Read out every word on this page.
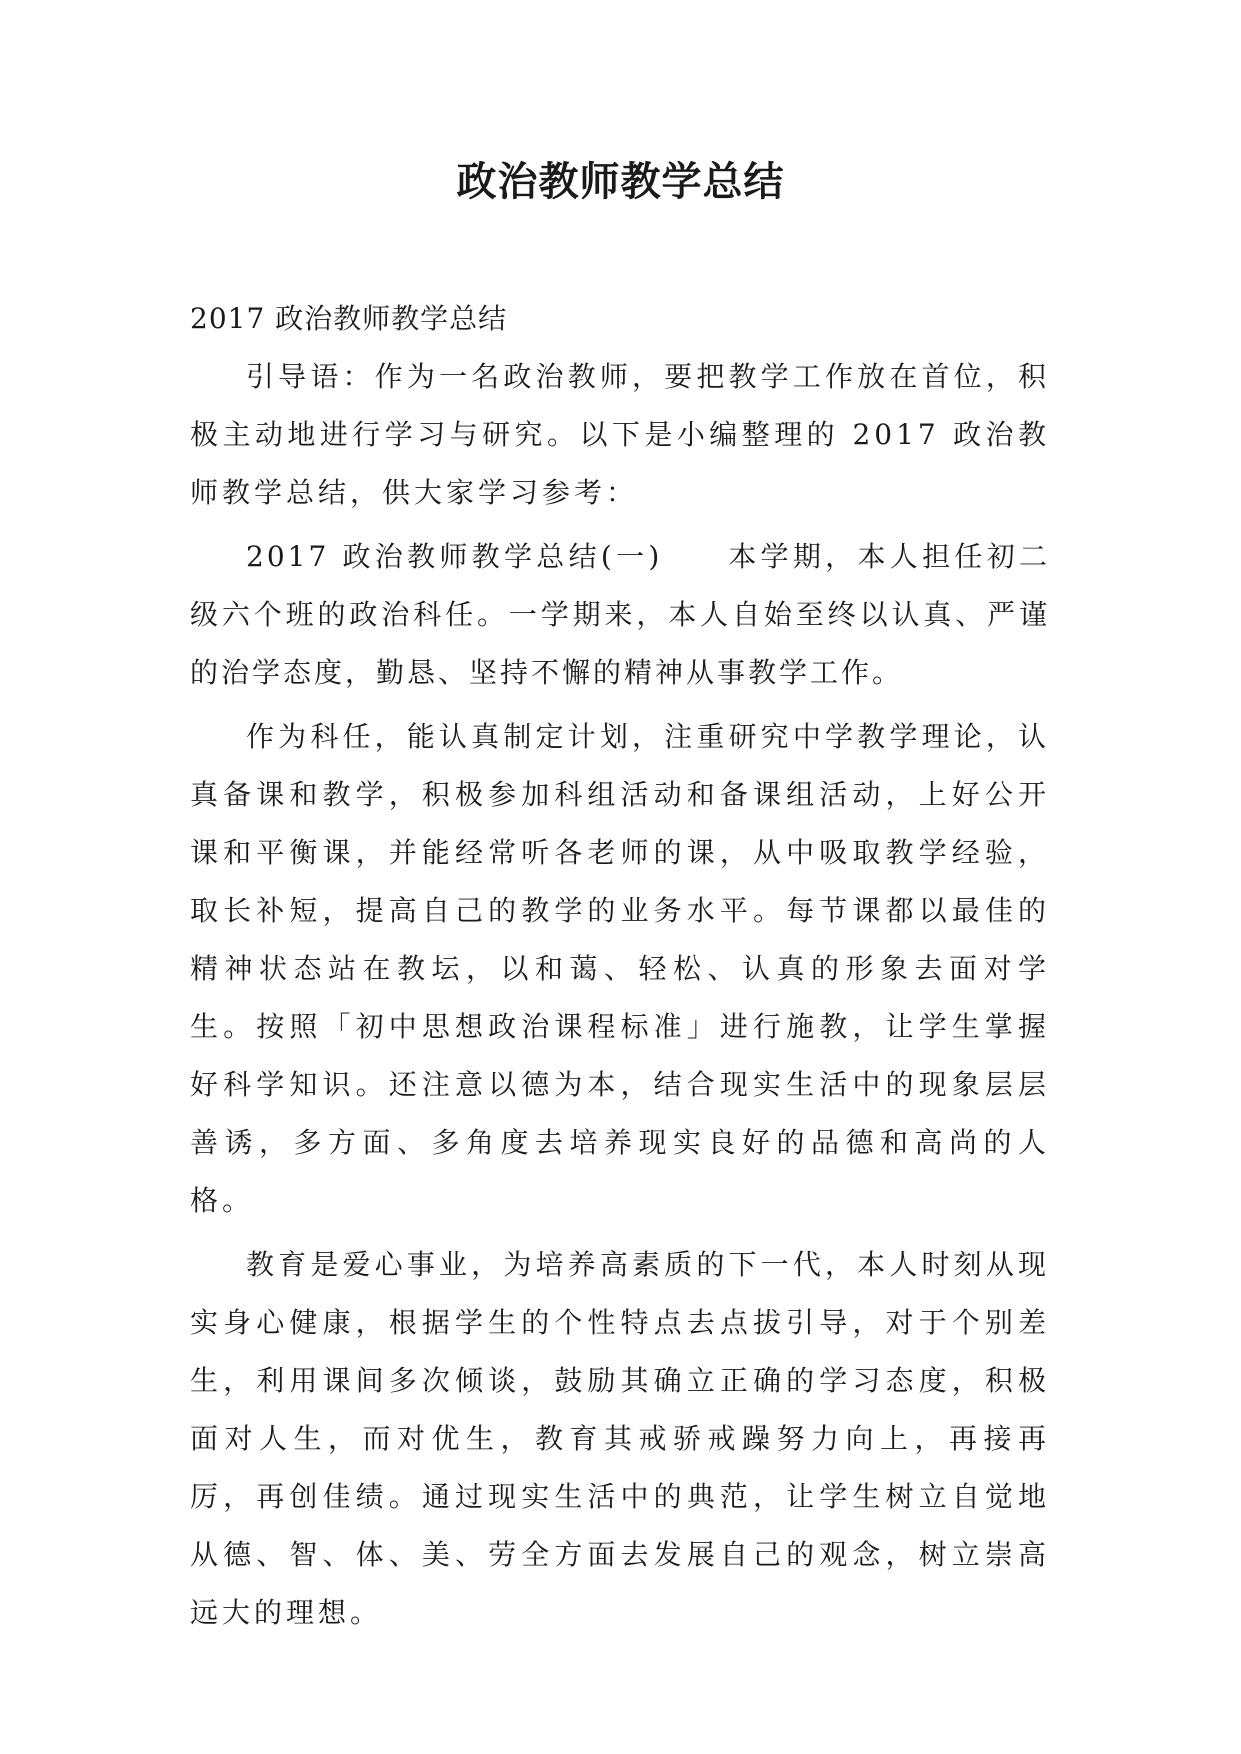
政治教师教学总结

2017 政治教师教学总结

引导语：作为一名政治教师，要把教学工作放在首位，积极主动地进行学习与研究。以下是小编整理的 2017 政治教师教学总结，供大家学习参考：

2017 政治教师教学总结(一)　　本学期，本人担任初二级六个班的政治科任。一学期来，本人自始至终以认真、严谨的治学态度，勤恳、坚持不懈的精神从事教学工作。

作为科任，能认真制定计划，注重研究中学教学理论，认真备课和教学，积极参加科组活动和备课组活动，上好公开课和平衡课，并能经常听各老师的课，从中吸取教学经验，取长补短，提高自己的教学的业务水平。每节课都以最佳的精神状态站在教坛，以和蔼、轻松、认真的形象去面对学生。按照「初中思想政治课程标准」进行施教，让学生掌握好科学知识。还注意以德为本，结合现实生活中的现象层层善诱，多方面、多角度去培养现实良好的品德和高尚的人格。

教育是爱心事业，为培养高素质的下一代，本人时刻从现实身心健康，根据学生的个性特点去点拔引导，对于个别差生，利用课间多次倾谈，鼓励其确立正确的学习态度，积极面对人生，而对优生，教育其戒骄戒躁努力向上，再接再厉，再创佳绩。通过现实生活中的典范，让学生树立自觉地从德、智、体、美、劳全方面去发展自己的观念，树立崇高远大的理想。
